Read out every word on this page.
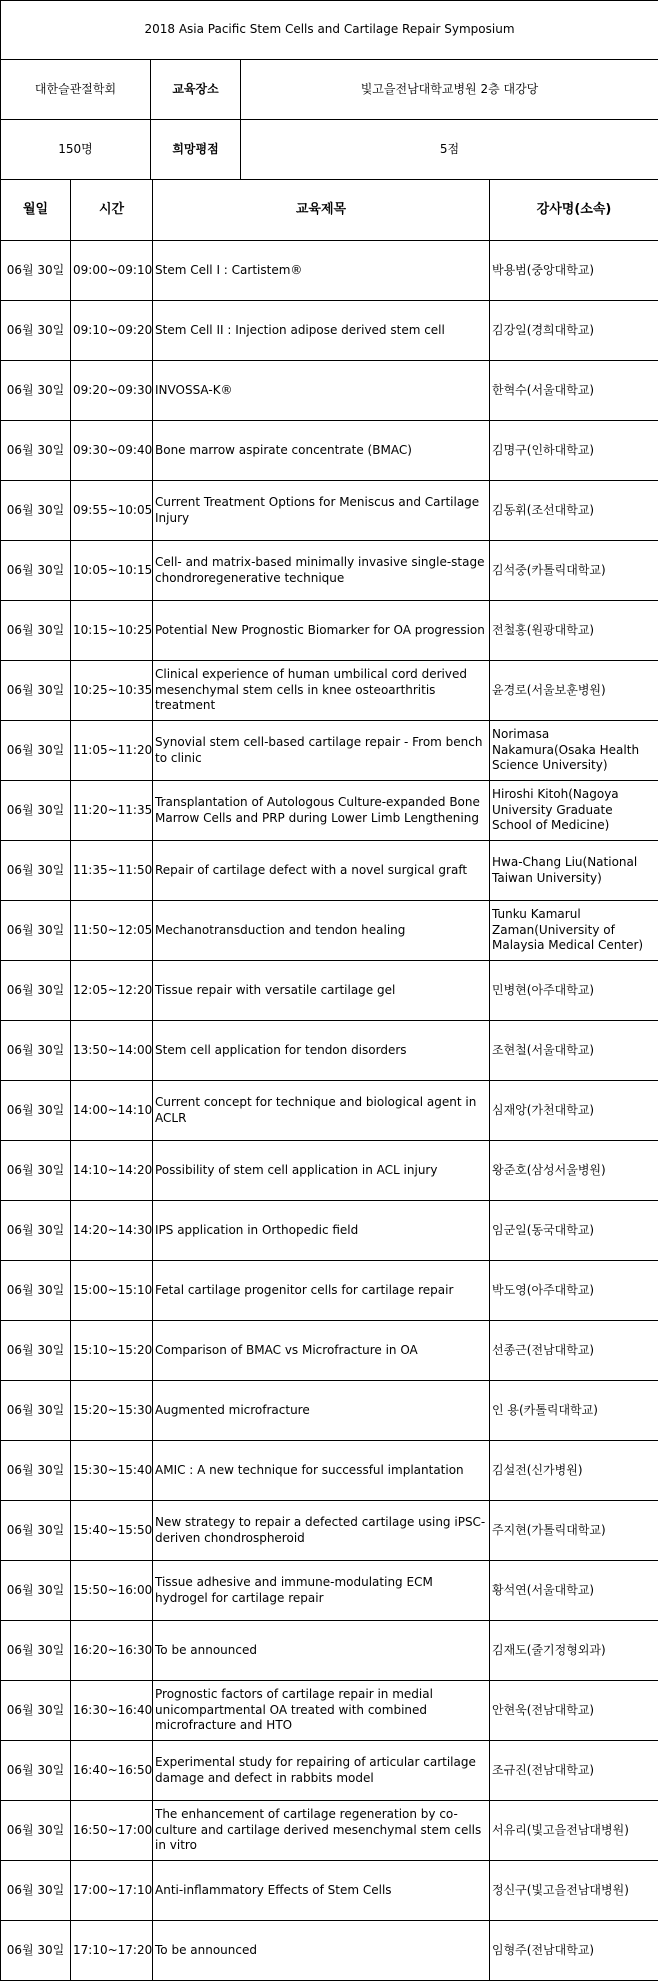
2018 Asia Pacific Stem Cells and Cartilage Repair Symposium		
대한슬관절학회	교육장소	빛고을전남대학교병원 2층 대강당
150명	희망평점	5점
월일	시간	교육제목	강사명(소속)
06월 30일	09:00~09:10	Stem Cell I : Cartistem®	박용범(중앙대학교)
06월 30일	09:10~09:20	Stem Cell II : Injection adipose derived stem cell	김강일(경희대학교)
06월 30일	09:20~09:30	INVOSSA-K®	한혁수(서울대학교)
06월 30일	09:30~09:40	Bone marrow aspirate concentrate (BMAC)	김명구(인하대학교)
06월 30일	09:55~10:05	Current Treatment Options for Meniscus and Cartilage Injury	김동휘(조선대학교)
06월 30일	10:05~10:15	Cell- and matrix-based minimally invasive single-stage chondroregenerative technique	김석중(카톨릭대학교)
06월 30일	10:15~10:25	Potential New Prognostic Biomarker for OA progression	전철홍(원광대학교)
06월 30일	10:25~10:35	Clinical experience of human umbilical cord derived mesenchymal stem cells in knee osteoarthritis treatment	윤경로(서울보훈병원)
06월 30일	11:05~11:20	Synovial stem cell-based cartilage repair - From bench to clinic	Norimasa Nakamura(Osaka Health Science University)
06월 30일	11:20~11:35	Transplantation of Autologous Culture-expanded Bone Marrow Cells and PRP during Lower Limb Lengthening	Hiroshi Kitoh(Nagoya University Graduate School of Medicine)
06월 30일	11:35~11:50	Repair of cartilage defect with a novel surgical graft	Hwa-Chang Liu(National Taiwan University)
06월 30일	11:50~12:05	Mechanotransduction and tendon healing	Tunku Kamarul Zaman(University of Malaysia Medical Center)
06월 30일	12:05~12:20	Tissue repair with versatile cartilage gel	민병현(아주대학교)
06월 30일	13:50~14:00	Stem cell application for tendon disorders	조현철(서울대학교)
06월 30일	14:00~14:10	Current concept for technique and biological agent in ACLR	심재앙(가천대학교)
06월 30일	14:10~14:20	Possibility of stem cell application in ACL injury	왕준호(삼성서울병원)
06월 30일	14:20~14:30	IPS application in Orthopedic field	임군일(동국대학교)
06월 30일	15:00~15:10	Fetal cartilage progenitor cells for cartilage repair	박도영(아주대학교)
06월 30일	15:10~15:20	Comparison of BMAC vs Microfracture in OA	선종근(전남대학교)
06월 30일	15:20~15:30	Augmented microfracture	인 용(카톨릭대학교)
06월 30일	15:30~15:40	AMIC : A new technique for successful implantation	김설전(신가병원)
06월 30일	15:40~15:50	New strategy to repair a defected cartilage using iPSC-deriven chondrospheroid	주지현(가톨릭대학교)
06월 30일	15:50~16:00	Tissue adhesive and immune-modulating ECM hydrogel for cartilage repair	황석연(서울대학교)
06월 30일	16:20~16:30	To be announced	김재도(줄기정형외과)
06월 30일	16:30~16:40	Prognostic factors of cartilage repair in medial unicompartmental OA treated with combined microfracture and HTO	안현욱(전남대학교)
06월 30일	16:40~16:50	Experimental study for repairing of articular cartilage damage and defect in rabbits model	조규진(전남대학교)
06월 30일	16:50~17:00	The enhancement of cartilage regeneration by co-culture and cartilage derived mesenchymal stem cells in vitro	서유리(빛고을전남대병원)
06월 30일	17:00~17:10	Anti-inflammatory Effects of Stem Cells	정신구(빛고을전남대병원)
06월 30일	17:10~17:20	To be announced	임형주(전남대학교)
